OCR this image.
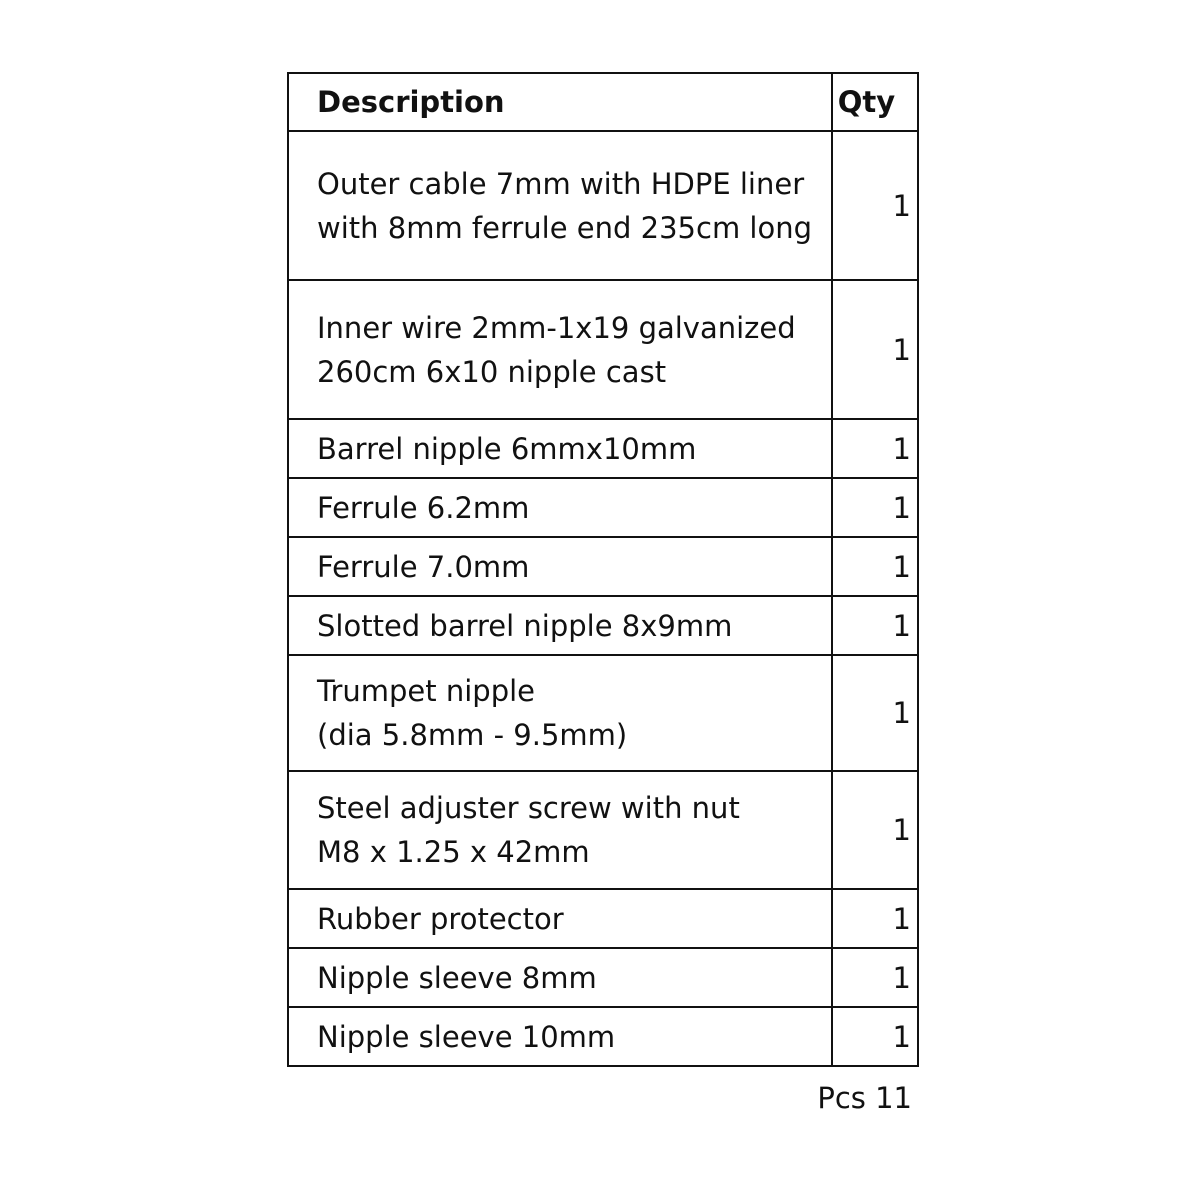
Description	Qty
Outer cable 7mm with HDPE liner
with 8mm ferrule end 235cm long	1
Inner wire 2mm-1x19 galvanized
260cm 6x10 nipple cast	1
Barrel nipple 6mmx10mm	1
Ferrule 6.2mm	1
Ferrule 7.0mm	1
Slotted barrel nipple 8x9mm	1
Trumpet nipple
(dia 5.8mm - 9.5mm)	1
Steel adjuster screw with nut
M8 x 1.25 x 42mm	1
Rubber protector	1
Nipple sleeve 8mm	1
Nipple sleeve 10mm	1
Pcs 11
